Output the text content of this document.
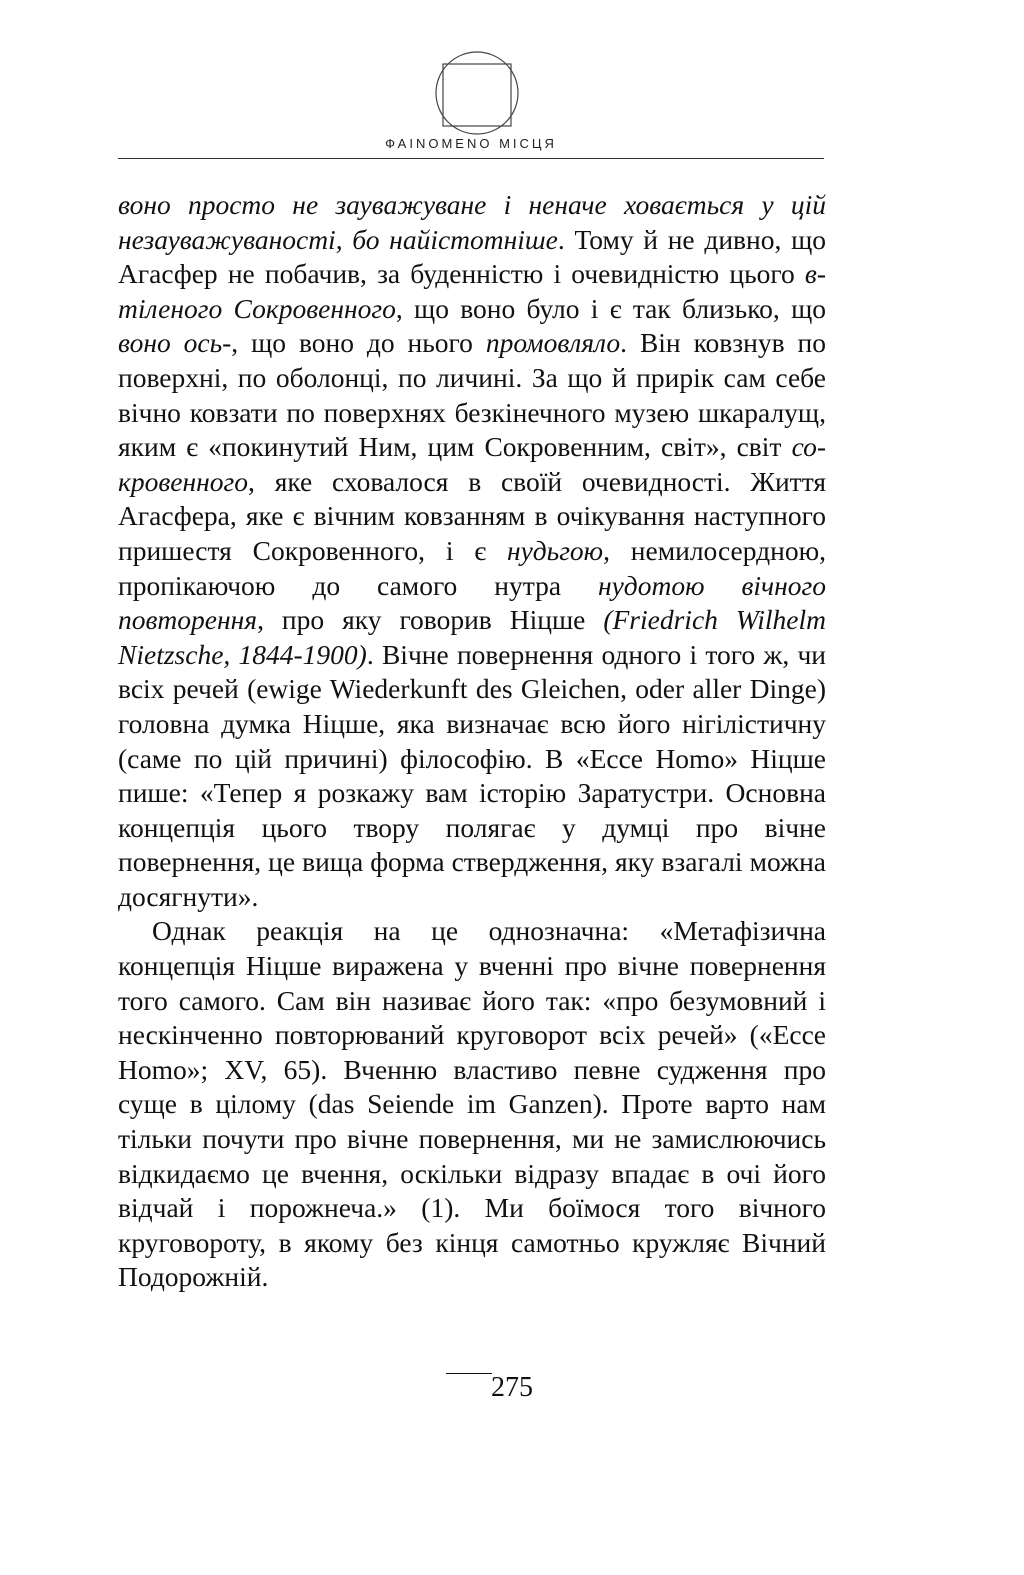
ФАΙΝΟΜΕΝΟ МІСЦЯ

воно просто не зауважуване і неначе ховається у цій незауважуваності, бо найістотніше. Тому й не дивно, що Агасфер не побачив, за буденністю і очевидністю цього в-тіленого Сокровенного, що воно було і є так близько, що воно ось-, що воно до нього промовляло. Він ковзнув по поверхні, по оболонці, по личині. За що й прирік сам себе вічно ковзати по поверхнях безкінечного музею шкаралущ, яким є «покинутий Ним, цим Сокровенним, світ», світ со-кровенного, яке сховалося в своїй очевидності. Життя Агасфера, яке є вічним ковзанням в очікування наступного пришестя Сокровенного, і є нудьгою, немилосердною, пропікаючою до самого нутра нудотою вічного повторення, про яку говорив Ніцше (Friedrich Wilhelm Nietzsche, 1844-1900). Вічне повернення одного і того ж, чи всіх речей (ewige Wiederkunft des Gleichen, oder aller Dinge) головна думка Ніцше, яка визначає всю його нігілістичну (саме по цій причині) філософію. В «Ecce Homo» Ніцше пише: «Тепер я розкажу вам історію Заратустри. Основна концепція цього твору полягає у думці про вічне повернення, це вища форма ствердження, яку взагалі можна досягнути».

Однак реакція на це однозначна: «Метафізична концепція Ніцше виражена у вченні про вічне повернення того самого. Сам він називає його так: «про безумовний і нескінченно повторюваний круговорот всіх речей» («Ecce Homo»; XV, 65). Вченню властиво певне судження про суще в цілому (das Seiende im Ganzen). Проте варто нам тільки почути про вічне повернення, ми не замислюючись відкидаємо це вчення, оскільки відразу впадає в очі його відчай і порожнеча.» (1). Ми боїмося того вічного круговороту, в якому без кінця самотньо кружляє Вічний Подорожній.

275
